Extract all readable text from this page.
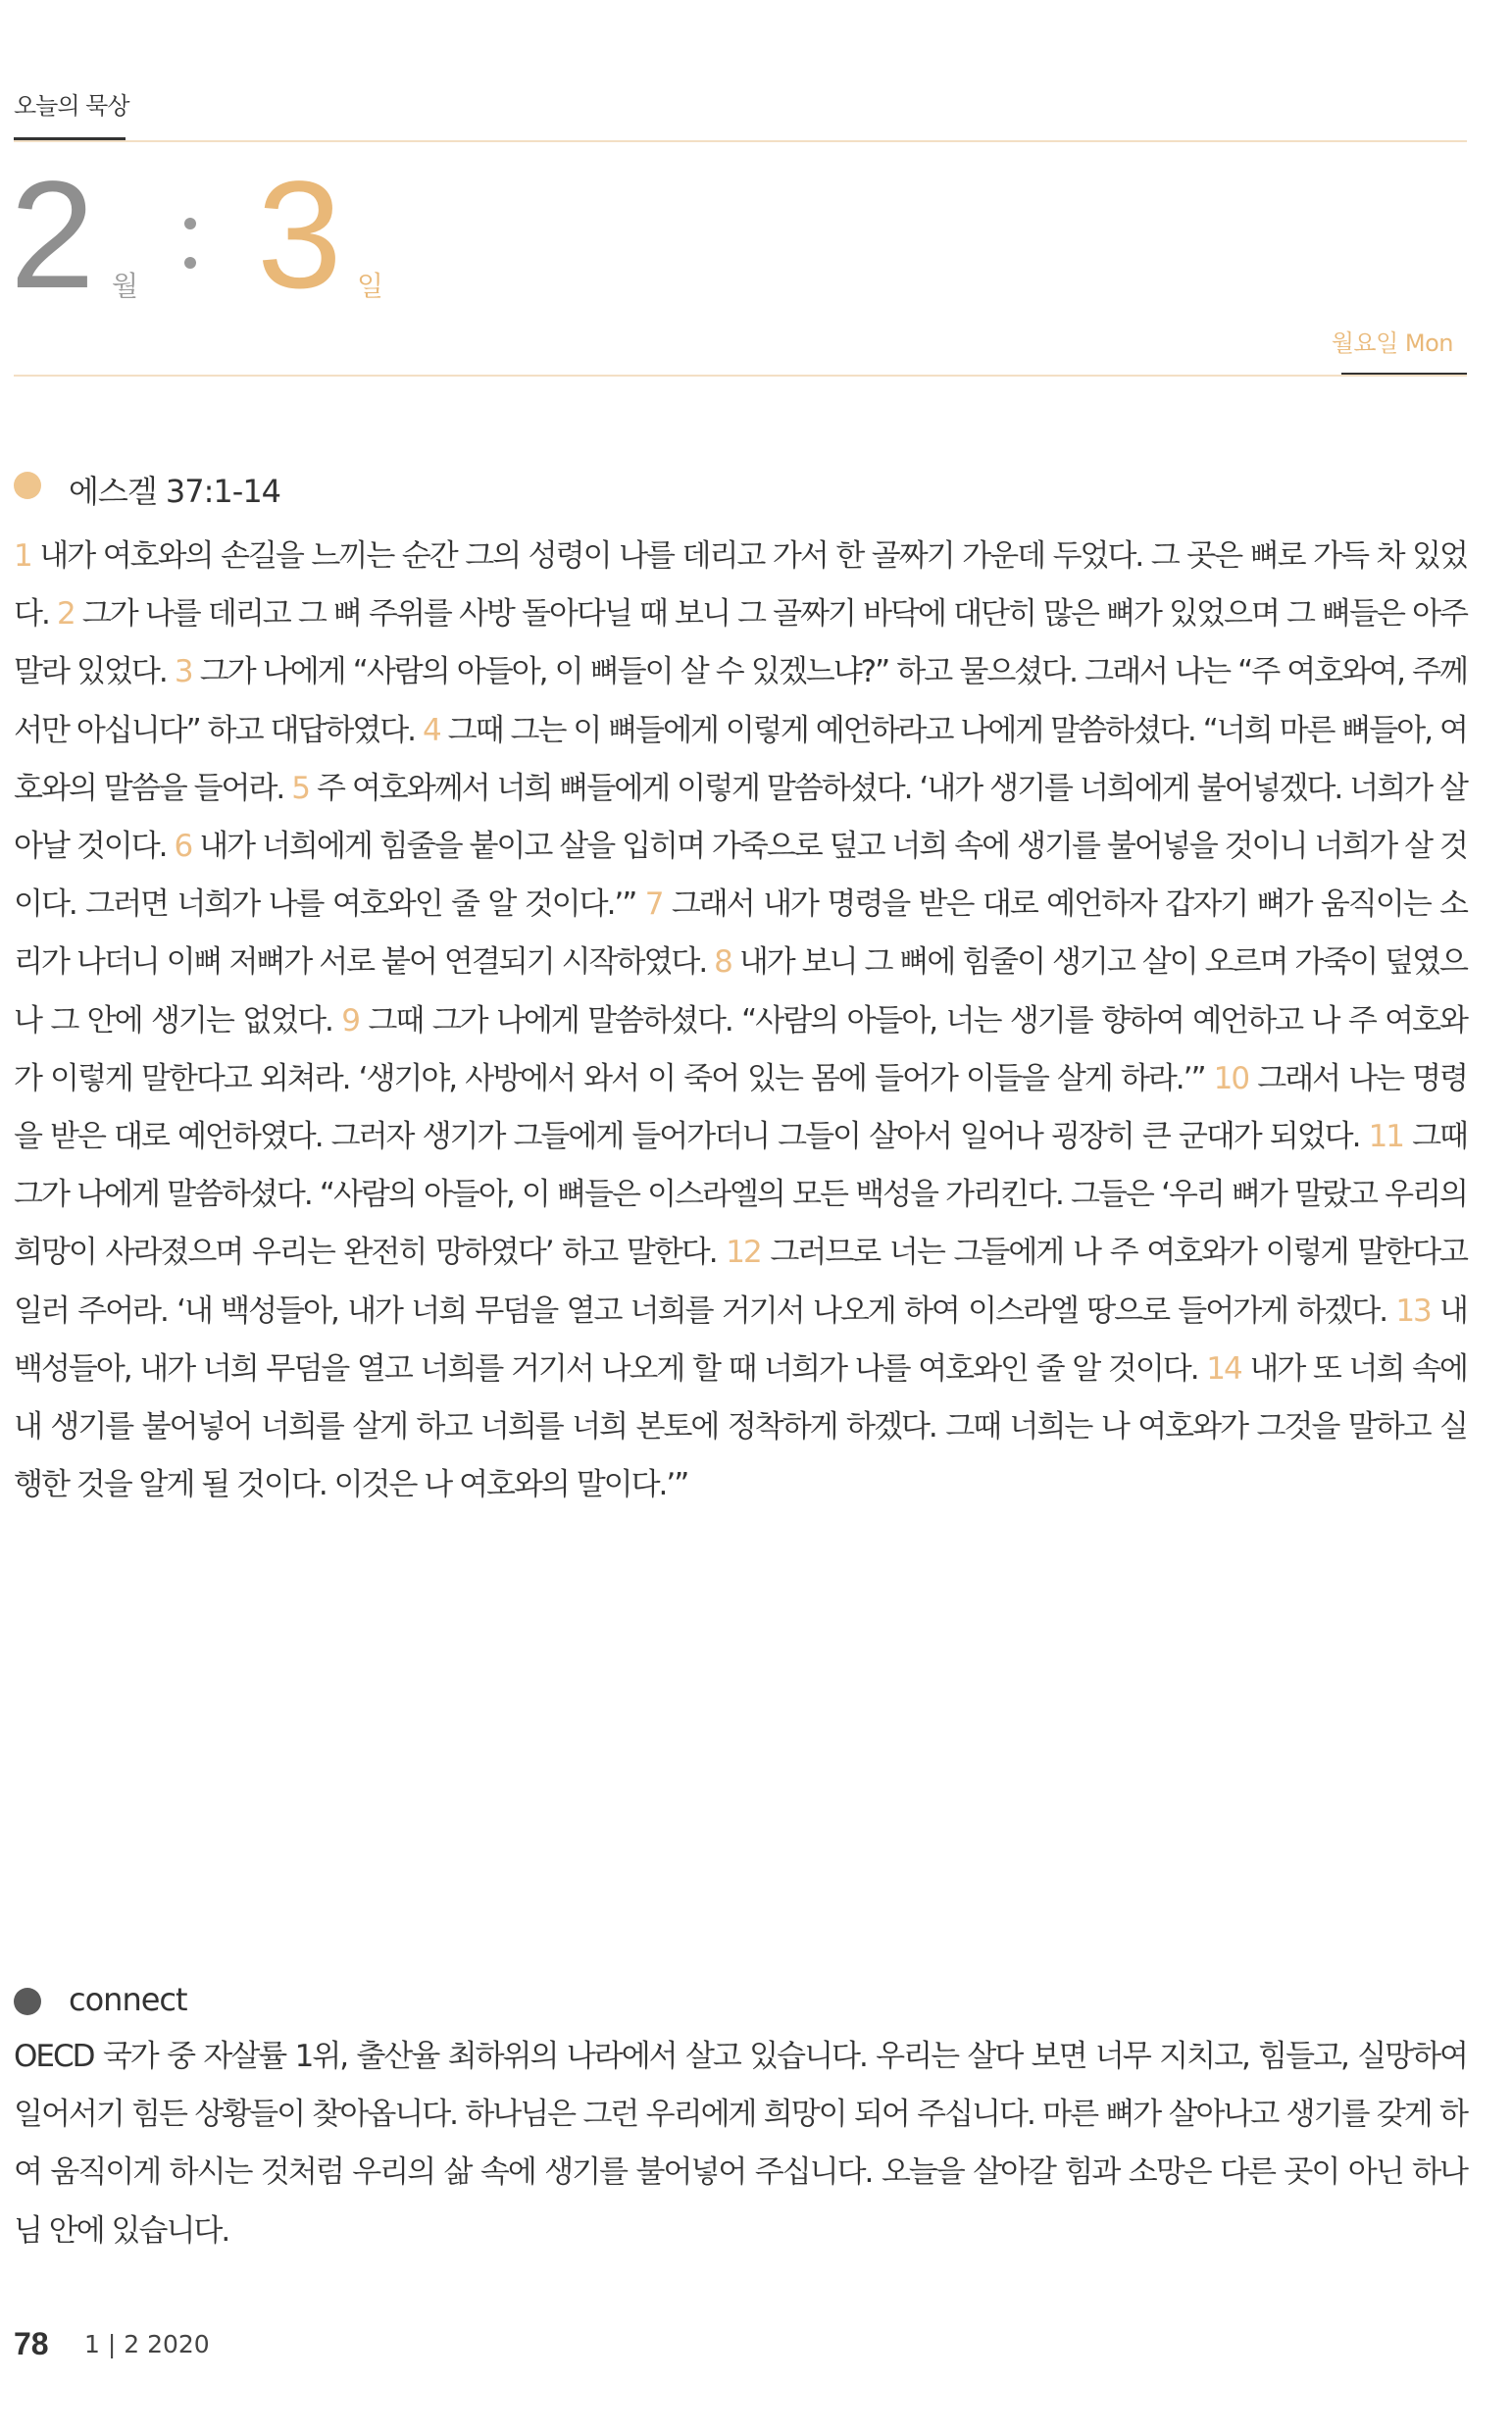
오늘의 묵상
2 월 3 일
월요일 Mon
에스겔 37:1-14

1 내가 여호와의 손길을 느끼는 순간 그의 성령이 나를 데리고 가서 한 골짜기 가운데 두었다. 그 곳은 뼈로 가득 차 있었다. 2 그가 나를 데리고 그 뼈 주위를 사방 돌아다닐 때 보니 그 골짜기 바닥에 대단히 많은 뼈가 있었으며 그 뼈들은 아주 말라 있었다. 3 그가 나에게 “사람의 아들아, 이 뼈들이 살 수 있겠느냐?” 하고 물으셨다. 그래서 나는 “주 여호와여, 주께서만 아십니다” 하고 대답하였다. 4 그때 그는 이 뼈들에게 이렇게 예언하라고 나에게 말씀하셨다. “너희 마른 뼈들아, 여호와의 말씀을 들어라. 5 주 여호와께서 너희 뼈들에게 이렇게 말씀하셨다. ‘내가 생기를 너희에게 불어넣겠다. 너희가 살아날 것이다. 6 내가 너희에게 힘줄을 붙이고 살을 입히며 가죽으로 덮고 너희 속에 생기를 불어넣을 것이니 너희가 살 것이다. 그러면 너희가 나를 여호와인 줄 알 것이다.’” 7 그래서 내가 명령을 받은 대로 예언하자 갑자기 뼈가 움직이는 소리가 나더니 이뼈 저뼈가 서로 붙어 연결되기 시작하였다. 8 내가 보니 그 뼈에 힘줄이 생기고 살이 오르며 가죽이 덮였으나 그 안에 생기는 없었다. 9 그때 그가 나에게 말씀하셨다. “사람의 아들아, 너는 생기를 향하여 예언하고 나 주 여호와가 이렇게 말한다고 외쳐라. ‘생기야, 사방에서 와서 이 죽어 있는 몸에 들어가 이들을 살게 하라.’” 10 그래서 나는 명령을 받은 대로 예언하였다. 그러자 생기가 그들에게 들어가더니 그들이 살아서 일어나 굉장히 큰 군대가 되었다. 11 그때 그가 나에게 말씀하셨다. “사람의 아들아, 이 뼈들은 이스라엘의 모든 백성을 가리킨다. 그들은 ‘우리 뼈가 말랐고 우리의 희망이 사라졌으며 우리는 완전히 망하였다’ 하고 말한다. 12 그러므로 너는 그들에게 나 주 여호와가 이렇게 말한다고 일러 주어라. ‘내 백성들아, 내가 너희 무덤을 열고 너희를 거기서 나오게 하여 이스라엘 땅으로 들어가게 하겠다. 13 내 백성들아, 내가 너희 무덤을 열고 너희를 거기서 나오게 할 때 너희가 나를 여호와인 줄 알 것이다. 14 내가 또 너희 속에 내 생기를 불어넣어 너희를 살게 하고 너희를 너희 본토에 정착하게 하겠다. 그때 너희는 나 여호와가 그것을 말하고 실행한 것을 알게 될 것이다. 이것은 나 여호와의 말이다.’”

connect

OECD 국가 중 자살률 1위, 출산율 최하위의 나라에서 살고 있습니다. 우리는 살다 보면 너무 지치고, 힘들고, 실망하여 일어서기 힘든 상황들이 찾아옵니다. 하나님은 그런 우리에게 희망이 되어 주십니다. 마른 뼈가 살아나고 생기를 갖게 하여 움직이게 하시는 것처럼 우리의 삶 속에 생기를 불어넣어 주십니다. 오늘을 살아갈 힘과 소망은 다른 곳이 아닌 하나님 안에 있습니다.

78 1 | 2 2020
